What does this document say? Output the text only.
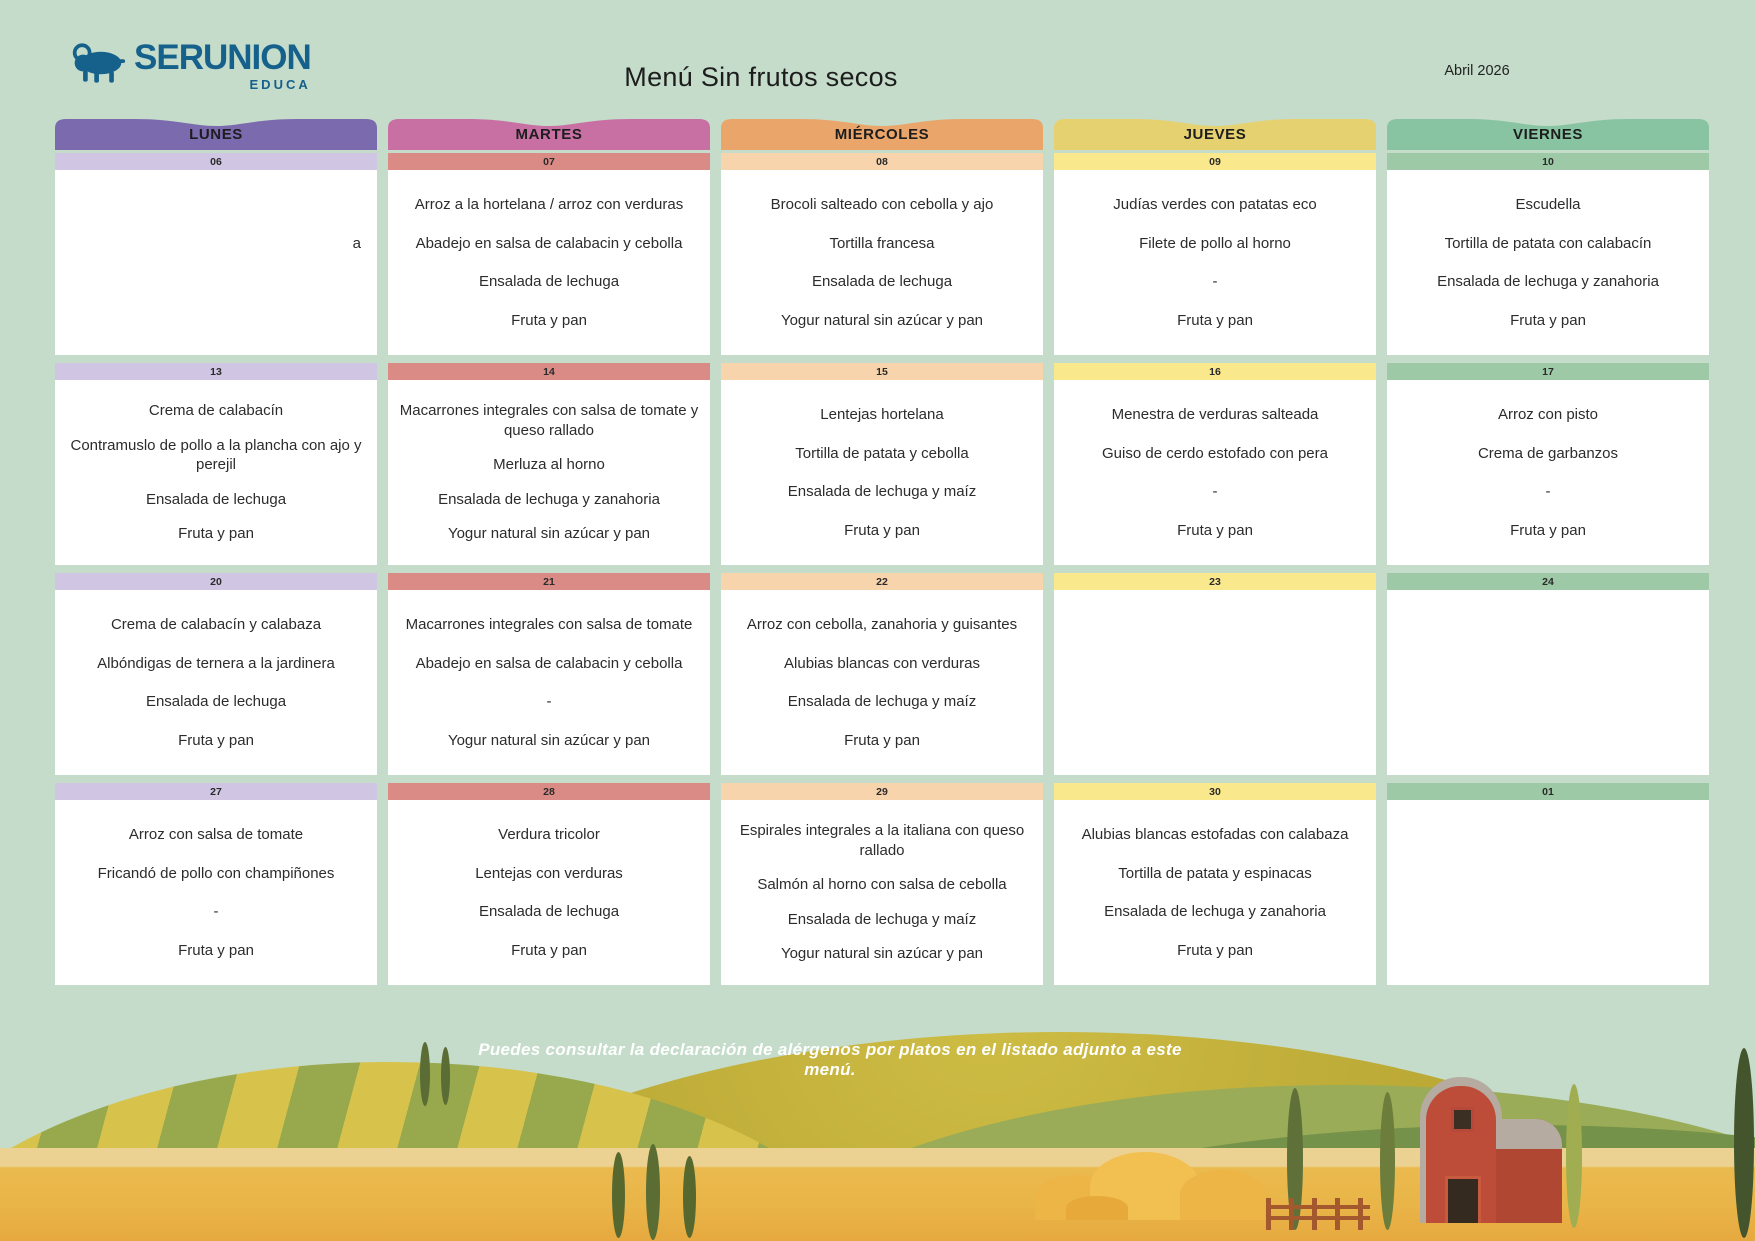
SERUNION
EDUCA	Menú Sin frutos secos	Abril 2026
LUNES
06
a
13
Crema de calabacín
Contramuslo de pollo a la plancha con ajo y perejil
Ensalada de lechuga
Fruta y pan
20
Crema de calabacín y calabaza
Albóndigas de ternera a la jardinera
Ensalada de lechuga
Fruta y pan
27
Arroz con salsa de tomate
Fricandó de pollo con champiñones
-
Fruta y pan
MARTES
07
Arroz a la hortelana / arroz con verduras
Abadejo en salsa de calabacin y cebolla
Ensalada de lechuga
Fruta y pan
14
Macarrones integrales con salsa de tomate y queso rallado
Merluza al horno
Ensalada de lechuga y zanahoria
Yogur natural sin azúcar y pan
21
Macarrones integrales con salsa de tomate
Abadejo en salsa de calabacin y cebolla
-
Yogur natural sin azúcar y pan
28
Verdura tricolor
Lentejas con verduras
Ensalada de lechuga
Fruta y pan
MIÉRCOLES
08
Brocoli salteado con cebolla y ajo
Tortilla francesa
Ensalada de lechuga
Yogur natural sin azúcar y pan
15
Lentejas hortelana
Tortilla de patata y cebolla
Ensalada de lechuga y maíz
Fruta y pan
22
Arroz con cebolla, zanahoria y guisantes
Alubias blancas con verduras
Ensalada de lechuga y maíz
Fruta y pan
29
Espirales integrales a la italiana con queso rallado
Salmón al horno con salsa de cebolla
Ensalada de lechuga y maíz
Yogur natural sin azúcar y pan
JUEVES
09
Judías verdes con patatas eco
Filete de pollo al horno
-
Fruta y pan
16
Menestra de verduras salteada
Guiso de cerdo estofado con pera
-
Fruta y pan
23
30
Alubias blancas estofadas con calabaza
Tortilla de patata y espinacas
Ensalada de lechuga y zanahoria
Fruta y pan
VIERNES
10
Escudella
Tortilla de patata con calabacín
Ensalada de lechuga y zanahoria
Fruta y pan
17
Arroz con pisto
Crema de garbanzos
-
Fruta y pan
24
01
Puedes consultar la declaración de alérgenos por platos en el listado adjunto a este menú.
